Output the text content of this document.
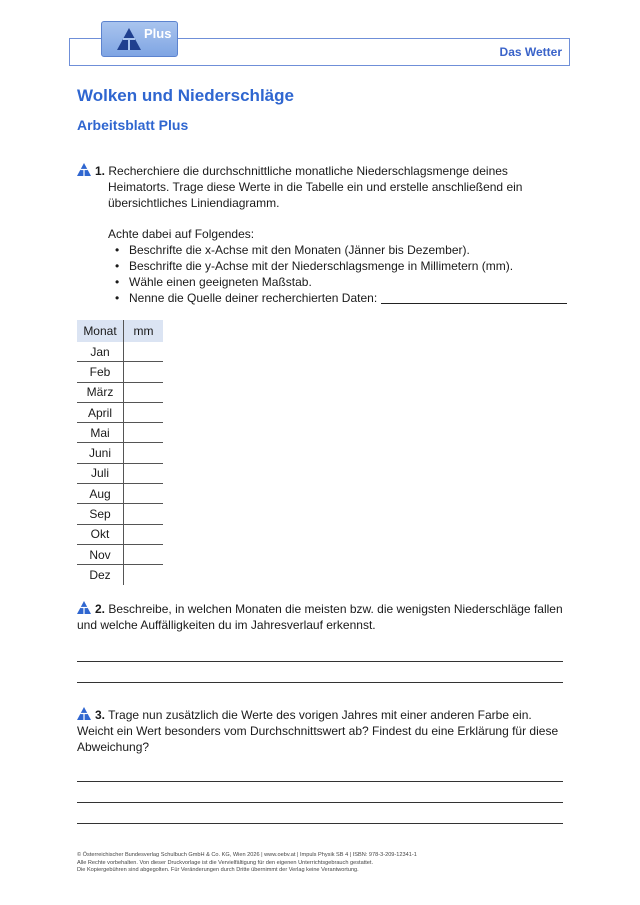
Das Wetter
Plus
Wolken und Niederschläge
Arbeitsblatt Plus
1. Recherchiere die durchschnittliche monatliche Niederschlagsmenge deines
Heimatorts. Trage diese Werte in die Tabelle ein und erstelle anschließend ein
übersichtliches Liniendiagramm.
Achte dabei auf Folgendes:
• Beschrifte die x-Achse mit den Monaten (Jänner bis Dezember).
• Beschrifte die y-Achse mit der Niederschlagsmenge in Millimetern (mm).
• Wähle einen geeigneten Maßstab.
• Nenne die Quelle deiner recherchierten Daten:
Monat	mm
Jan	
Feb	
März	
April	
Mai	
Juni	
Juli	
Aug	
Sep	
Okt	
Nov	
Dez	
2. Beschreibe, in welchen Monaten die meisten bzw. die wenigsten Niederschläge fallen
und welche Auffälligkeiten du im Jahresverlauf erkennst.
3. Trage nun zusätzlich die Werte des vorigen Jahres mit einer anderen Farbe ein.
Weicht ein Wert besonders vom Durchschnittswert ab? Findest du eine Erklärung für diese
Abweichung?
© Österreichischer Bundesverlag Schulbuch GmbH & Co. KG, Wien 2026 | www.oebv.at | Impuls Physik SB 4 | ISBN: 978-3-209-12341-1
Alle Rechte vorbehalten. Von dieser Druckvorlage ist die Vervielfältigung für den eigenen Unterrichtsgebrauch gestattet.
Die Kopiergebühren sind abgegolten. Für Veränderungen durch Dritte übernimmt der Verlag keine Verantwortung.
